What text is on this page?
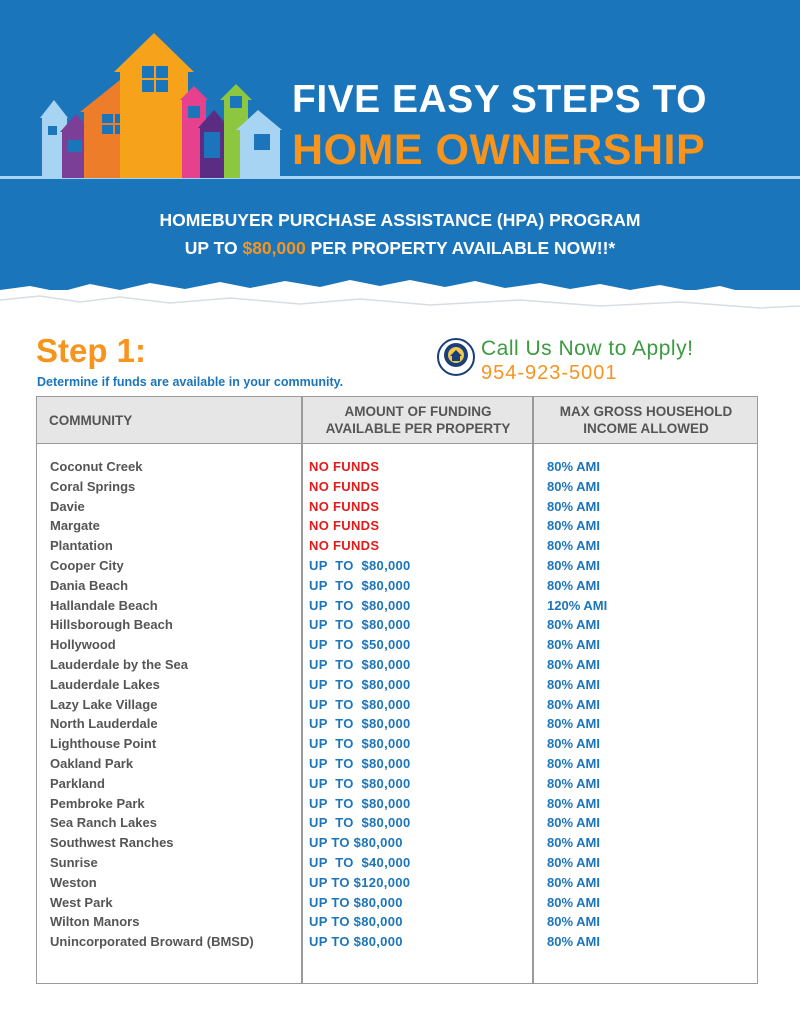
FIVE EASY STEPS TO
HOME OWNERSHIP
HOMEBUYER PURCHASE ASSISTANCE (HPA) PROGRAM
UP TO $80,000 PER PROPERTY AVAILABLE NOW!!*
Step 1:
Determine if funds are available in your community.
Call Us Now to Apply!
954-923-5001
COMMUNITY
AMOUNT OF FUNDING
AVAILABLE PER PROPERTY
MAX GROSS HOUSEHOLD
INCOME ALLOWED
Coconut Creek	NO FUNDS	80% AMI
Coral Springs	NO FUNDS	80% AMI
Davie	NO FUNDS	80% AMI
Margate	NO FUNDS	80% AMI
Plantation	NO FUNDS	80% AMI
Cooper City	UP  TO  $80,000	80% AMI
Dania Beach	UP  TO  $80,000	80% AMI
Hallandale Beach	UP  TO  $80,000	120% AMI
Hillsborough Beach	UP  TO  $80,000	80% AMI
Hollywood	UP  TO  $50,000	80% AMI
Lauderdale by the Sea	UP  TO  $80,000	80% AMI
Lauderdale Lakes	UP  TO  $80,000	80% AMI
Lazy Lake Village	UP  TO  $80,000	80% AMI
North Lauderdale	UP  TO  $80,000	80% AMI
Lighthouse Point	UP  TO  $80,000	80% AMI
Oakland Park	UP  TO  $80,000	80% AMI
Parkland	UP  TO  $80,000	80% AMI
Pembroke Park	UP  TO  $80,000	80% AMI
Sea Ranch Lakes	UP  TO  $80,000	80% AMI
Southwest Ranches	UP TO $80,000	80% AMI
Sunrise	UP  TO  $40,000	80% AMI
Weston	UP TO $120,000	80% AMI
West Park	UP TO $80,000	80% AMI
Wilton Manors	UP TO $80,000	80% AMI
Unincorporated Broward (BMSD)	UP TO $80,000	80% AMI
